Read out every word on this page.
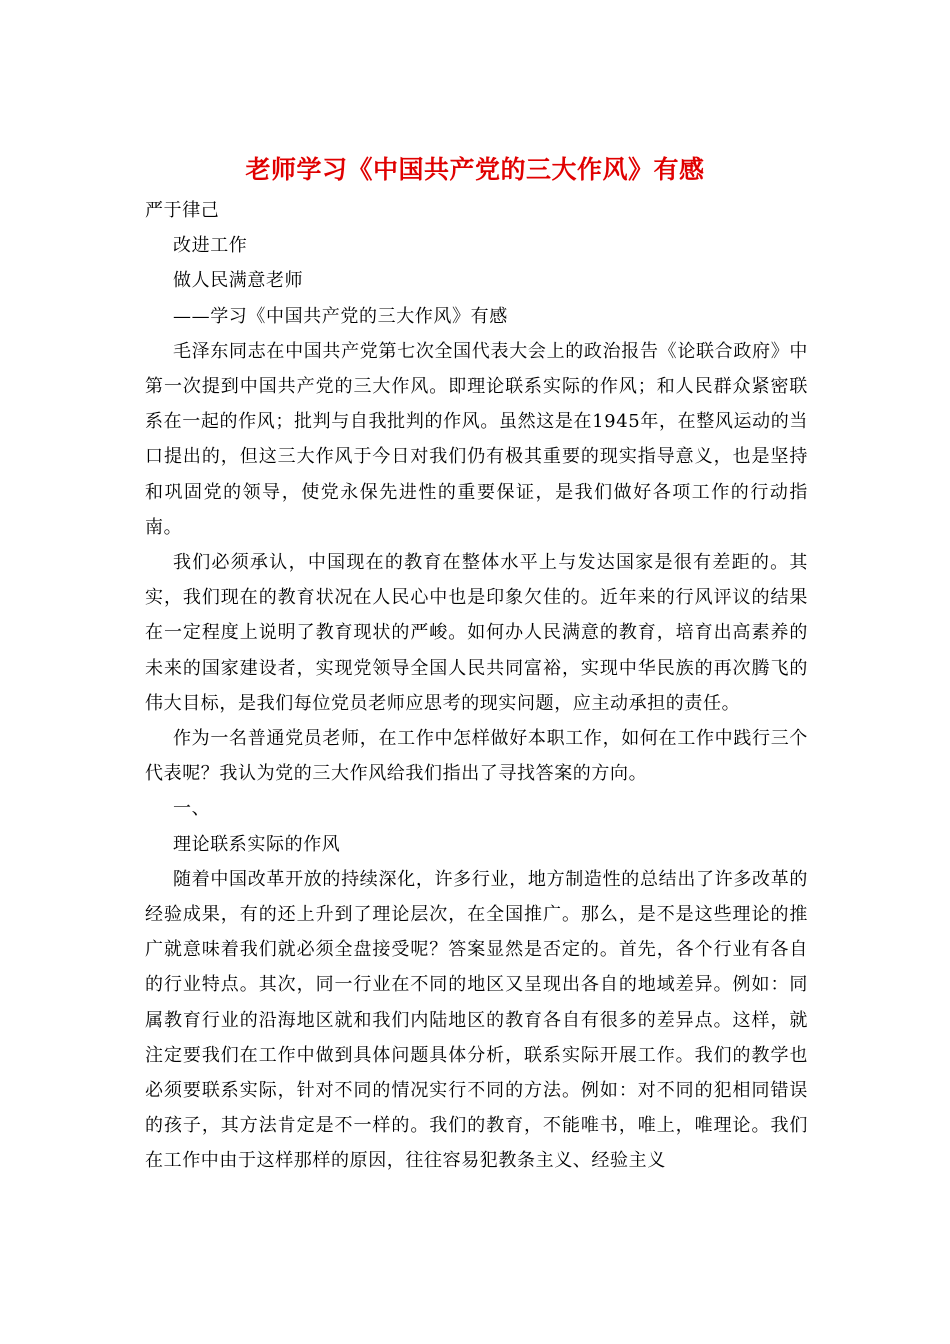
老师学习《中国共产党的三大作风》有感

严于律己

改进工作

做人民满意老师

——学习《中国共产党的三大作风》有感

毛泽东同志在中国共产党第七次全国代表大会上的政治报告《论联合政府》中第一次提到中国共产党的三大作风。即理论联系实际的作风；和人民群众紧密联系在一起的作风；批判与自我批判的作风。虽然这是在1945年，在整风运动的当口提出的，但这三大作风于今日对我们仍有极其重要的现实指导意义，也是坚持和巩固党的领导，使党永保先进性的重要保证，是我们做好各项工作的行动指南。

我们必须承认，中国现在的教育在整体水平上与发达国家是很有差距的。其实，我们现在的教育状况在人民心中也是印象欠佳的。近年来的行风评议的结果在一定程度上说明了教育现状的严峻。如何办人民满意的教育，培育出高素养的未来的国家建设者，实现党领导全国人民共同富裕，实现中华民族的再次腾飞的伟大目标，是我们每位党员老师应思考的现实问题，应主动承担的责任。

作为一名普通党员老师，在工作中怎样做好本职工作，如何在工作中践行三个代表呢？我认为党的三大作风给我们指出了寻找答案的方向。

一、

理论联系实际的作风

随着中国改革开放的持续深化，许多行业，地方制造性的总结出了许多改革的经验成果，有的还上升到了理论层次，在全国推广。那么，是不是这些理论的推广就意味着我们就必须全盘接受呢？答案显然是否定的。首先，各个行业有各自的行业特点。其次，同一行业在不同的地区又呈现出各自的地域差异。例如：同属教育行业的沿海地区就和我们内陆地区的教育各自有很多的差异点。这样，就注定要我们在工作中做到具体问题具体分析，联系实际开展工作。我们的教学也必须要联系实际，针对不同的情况实行不同的方法。例如：对不同的犯相同错误的孩子，其方法肯定是不一样的。我们的教育，不能唯书，唯上，唯理论。我们在工作中由于这样那样的原因，往往容易犯教条主义、经验主义
